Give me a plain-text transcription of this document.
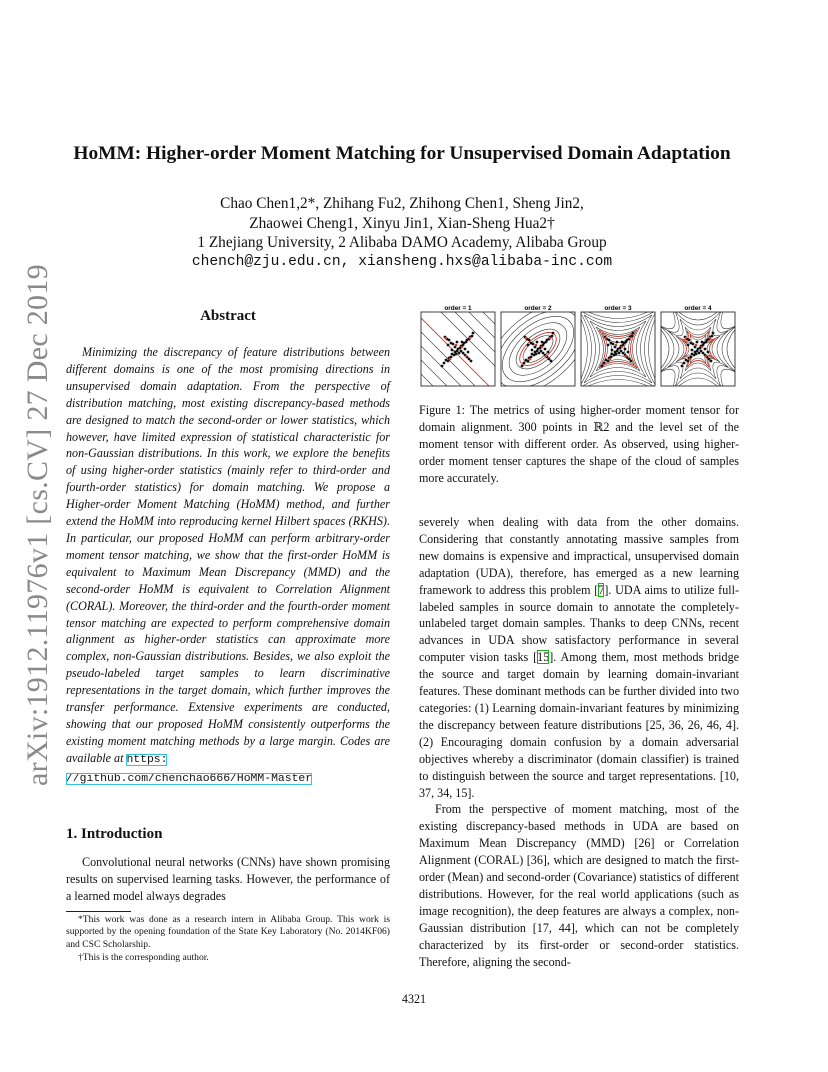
arXiv:1912.11976v1 [cs.CV] 27 Dec 2019
HoMM: Higher-order Moment Matching for Unsupervised Domain Adaptation
Chao Chen1,2*, Zhihang Fu2, Zhihong Chen1, Sheng Jin2,
Zhaowei Cheng1, Xinyu Jin1, Xian-Sheng Hua2†
1 Zhejiang University, 2 Alibaba DAMO Academy, Alibaba Group
chench@zju.edu.cn, xiansheng.hxs@alibaba-inc.com
Abstract

Minimizing the discrepancy of feature distributions between different domains is one of the most promising directions in unsupervised domain adaptation. From the perspective of distribution matching, most existing discrepancy-based methods are designed to match the second-order or lower statistics, which however, have limited expression of statistical characteristic for non-Gaussian distributions. In this work, we explore the benefits of using higher-order statistics (mainly refer to third-order and fourth-order statistics) for domain matching. We propose a Higher-order Moment Matching (HoMM) method, and further extend the HoMM into reproducing kernel Hilbert spaces (RKHS). In particular, our proposed HoMM can perform arbitrary-order moment tensor matching, we show that the first-order HoMM is equivalent to Maximum Mean Discrepancy (MMD) and the second-order HoMM is equivalent to Correlation Alignment (CORAL). Moreover, the third-order and the fourth-order moment tensor matching are expected to perform comprehensive domain alignment as higher-order statistics can approximate more complex, non-Gaussian distributions. Besides, we also exploit the pseudo-labeled target samples to learn discriminative representations in the target domain, which further improves the transfer performance. Extensive experiments are conducted, showing that our proposed HoMM consistently outperforms the existing moment matching methods by a large margin. Codes are available at https:
//github.com/chenchao666/HoMM-Master

1. Introduction

Convolutional neural networks (CNNs) have shown promising results on supervised learning tasks. However, the performance of a learned model always degrades

*This work was done as a research intern in Alibaba Group. This work is supported by the opening foundation of the State Key Laboratory (No. 2014KF06) and CSC Scholarship.
†This is the corresponding author.
order = 1	order = 2	order = 3	order = 4
Figure 1: The metrics of using higher-order moment tensor for domain alignment. 300 points in ℝ2 and the level set of the moment tensor with different order. As observed, using higher-order moment tenser captures the shape of the cloud of samples more accurately.

severely when dealing with data from the other domains. Considering that constantly annotating massive samples from new domains is expensive and impractical, unsupervised domain adaptation (UDA), therefore, has emerged as a new learning framework to address this problem [7]. UDA aims to utilize full-labeled samples in source domain to annotate the completely-unlabeled target domain samples. Thanks to deep CNNs, recent advances in UDA show satisfactory performance in several computer vision tasks [15]. Among them, most methods bridge the source and target domain by learning domain-invariant features. These dominant methods can be further divided into two categories: (1) Learning domain-invariant features by minimizing the discrepancy between feature distributions [25, 36, 26, 46, 4]. (2) Encouraging domain confusion by a domain adversarial objectives whereby a discriminator (domain classifier) is trained to distinguish between the source and target representations. [10, 37, 34, 15].

From the perspective of moment matching, most of the existing discrepancy-based methods in UDA are based on Maximum Mean Discrepancy (MMD) [26] or Correlation Alignment (CORAL) [36], which are designed to match the first-order (Mean) and second-order (Covariance) statistics of different distributions. However, for the real world applications (such as image recognition), the deep features are always a complex, non-Gaussian distribution [17, 44], which can not be completely characterized by its first-order or second-order statistics. Therefore, aligning the second-

4321
